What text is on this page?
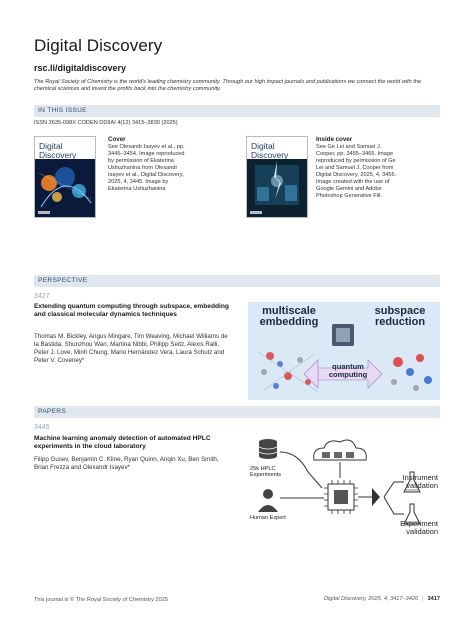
Digital Discovery
rsc.li/digitaldiscovery
The Royal Society of Chemistry is the world's leading chemistry community. Through our high impact journals and publications we connect the world with the chemical sciences and invest the profits back into the chemistry community.
IN THIS ISSUE
ISSN 2635-098X CODEN DDIIAI 4(12) 3415–3830 (2025)
Digital Discovery
Cover
See Olexandr Isayev et al., pp. 3445–3454. Image reproduced by permission of Ekaterina Ustiuzhanina from Olexandr Isayev et al., Digital Discovery, 2025, 4, 3445. Image by Ekaterina Ustiuzhanina
Digital Discovery
Inside cover
See Ge Lei and Samuel J. Cooper, pp. 3455–3465. Image reproduced by permission of Ge Lei and Samuel J. Cooper from Digital Discovery, 2025, 4, 3455. Image created with the use of Google Gemini and Adobe Photoshop Generative Fill.
PERSPECTIVE
3427
Extending quantum computing through subspace, embedding and classical molecular dynamics techniques
Thomas M. Bickley, Angus Mingare, Tim Weaving, Michael Williams de la Bastida, Shunzhou Wan, Martina Nibbi, Philipp Seitz, Alexis Ralli, Peter J. Love, Minh Chung, Mario Hernández Vera, Laura Schulz and Peter V. Coveney*
multiscale embedding
subspace reduction
quantum computing
PAPERS
3445
Machine learning anomaly detection of automated HPLC experiments in the cloud laboratory
Filipp Gusev, Benjamin C. Kline, Ryan Quinn, Anqin Xu, Ben Smith, Brian Frezza and Olexandr Isayev*	25k HPLC Experiments
Human Expert
Instrument validation
Experiment validation
This journal is © The Royal Society of Chemistry 2025	Digital Discovery, 2025, 4, 3417–3426 | 3417
